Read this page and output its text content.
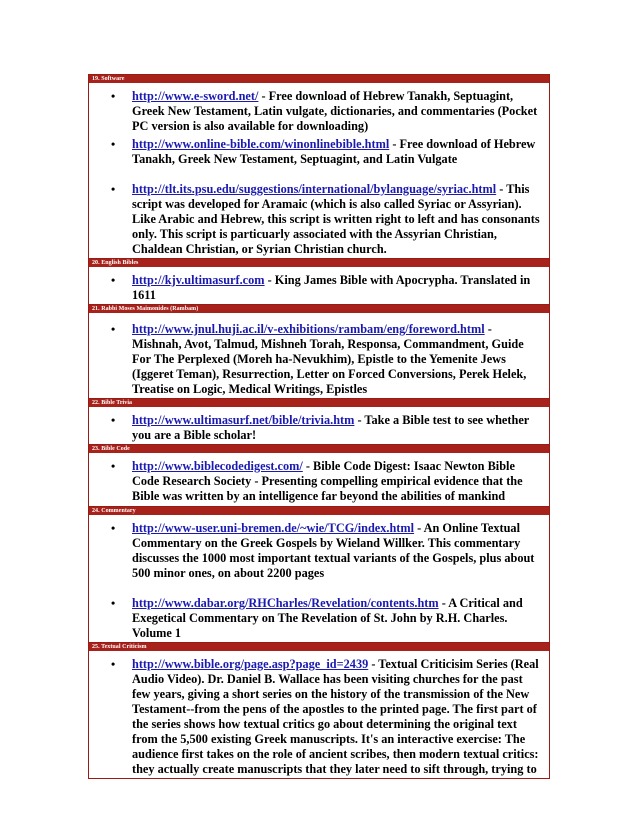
19. Software
• http://www.e-sword.net/ - Free download of Hebrew Tanakh, Septuagint, Greek New Testament, Latin vulgate, dictionaries, and commentaries (Pocket PC version is also available for downloading)
• http://www.online-bible.com/winonlinebible.html - Free download of Hebrew Tanakh, Greek New Testament, Septuagint, and Latin Vulgate
• http://tlt.its.psu.edu/suggestions/international/bylanguage/syriac.html - This script was developed for Aramaic (which is also called Syriac or Assyrian). Like Arabic and Hebrew, this script is written right to left and has consonants only. This script is particuarly associated with the Assyrian Christian, Chaldean Christian, or Syrian Christian church.
20. English Bibles
• http://kjv.ultimasurf.com - King James Bible with Apocrypha. Translated in 1611
21. Rabbi Moses Maimonides (Rambam)
• http://www.jnul.huji.ac.il/v-exhibitions/rambam/eng/foreword.html - Mishnah, Avot, Talmud, Mishneh Torah, Responsa, Commandment, Guide For The Perplexed (Moreh ha-Nevukhim), Epistle to the Yemenite Jews (Iggeret Teman), Resurrection, Letter on Forced Conversions, Perek Helek, Treatise on Logic, Medical Writings, Epistles
22. Bible Trivia
• http://www.ultimasurf.net/bible/trivia.htm - Take a Bible test to see whether you are a Bible scholar!
23. Bible Code
• http://www.biblecodedigest.com/ - Bible Code Digest: Isaac Newton Bible Code Research Society - Presenting compelling empirical evidence that the Bible was written by an intelligence far beyond the abilities of mankind
24. Commentary
• http://www-user.uni-bremen.de/~wie/TCG/index.html - An Online Textual Commentary on the Greek Gospels by Wieland Willker. This commentary discusses the 1000 most important textual variants of the Gospels, plus about 500 minor ones, on about 2200 pages
• http://www.dabar.org/RHCharles/Revelation/contents.htm - A Critical and Exegetical Commentary on The Revelation of St. John by R.H. Charles. Volume 1
25. Textual Criticism
• http://www.bible.org/page.asp?page_id=2439 - Textual Criticisim Series (Real Audio Video). Dr. Daniel B. Wallace has been visiting churches for the past few years, giving a short series on the history of the transmission of the New Testament--from the pens of the apostles to the printed page. The first part of the series shows how textual critics go about determining the original text from the 5,500 existing Greek manuscripts. It's an interactive exercise: The audience first takes on the role of ancient scribes, then modern textual critics: they actually create manuscripts that they later need to sift through, trying to
